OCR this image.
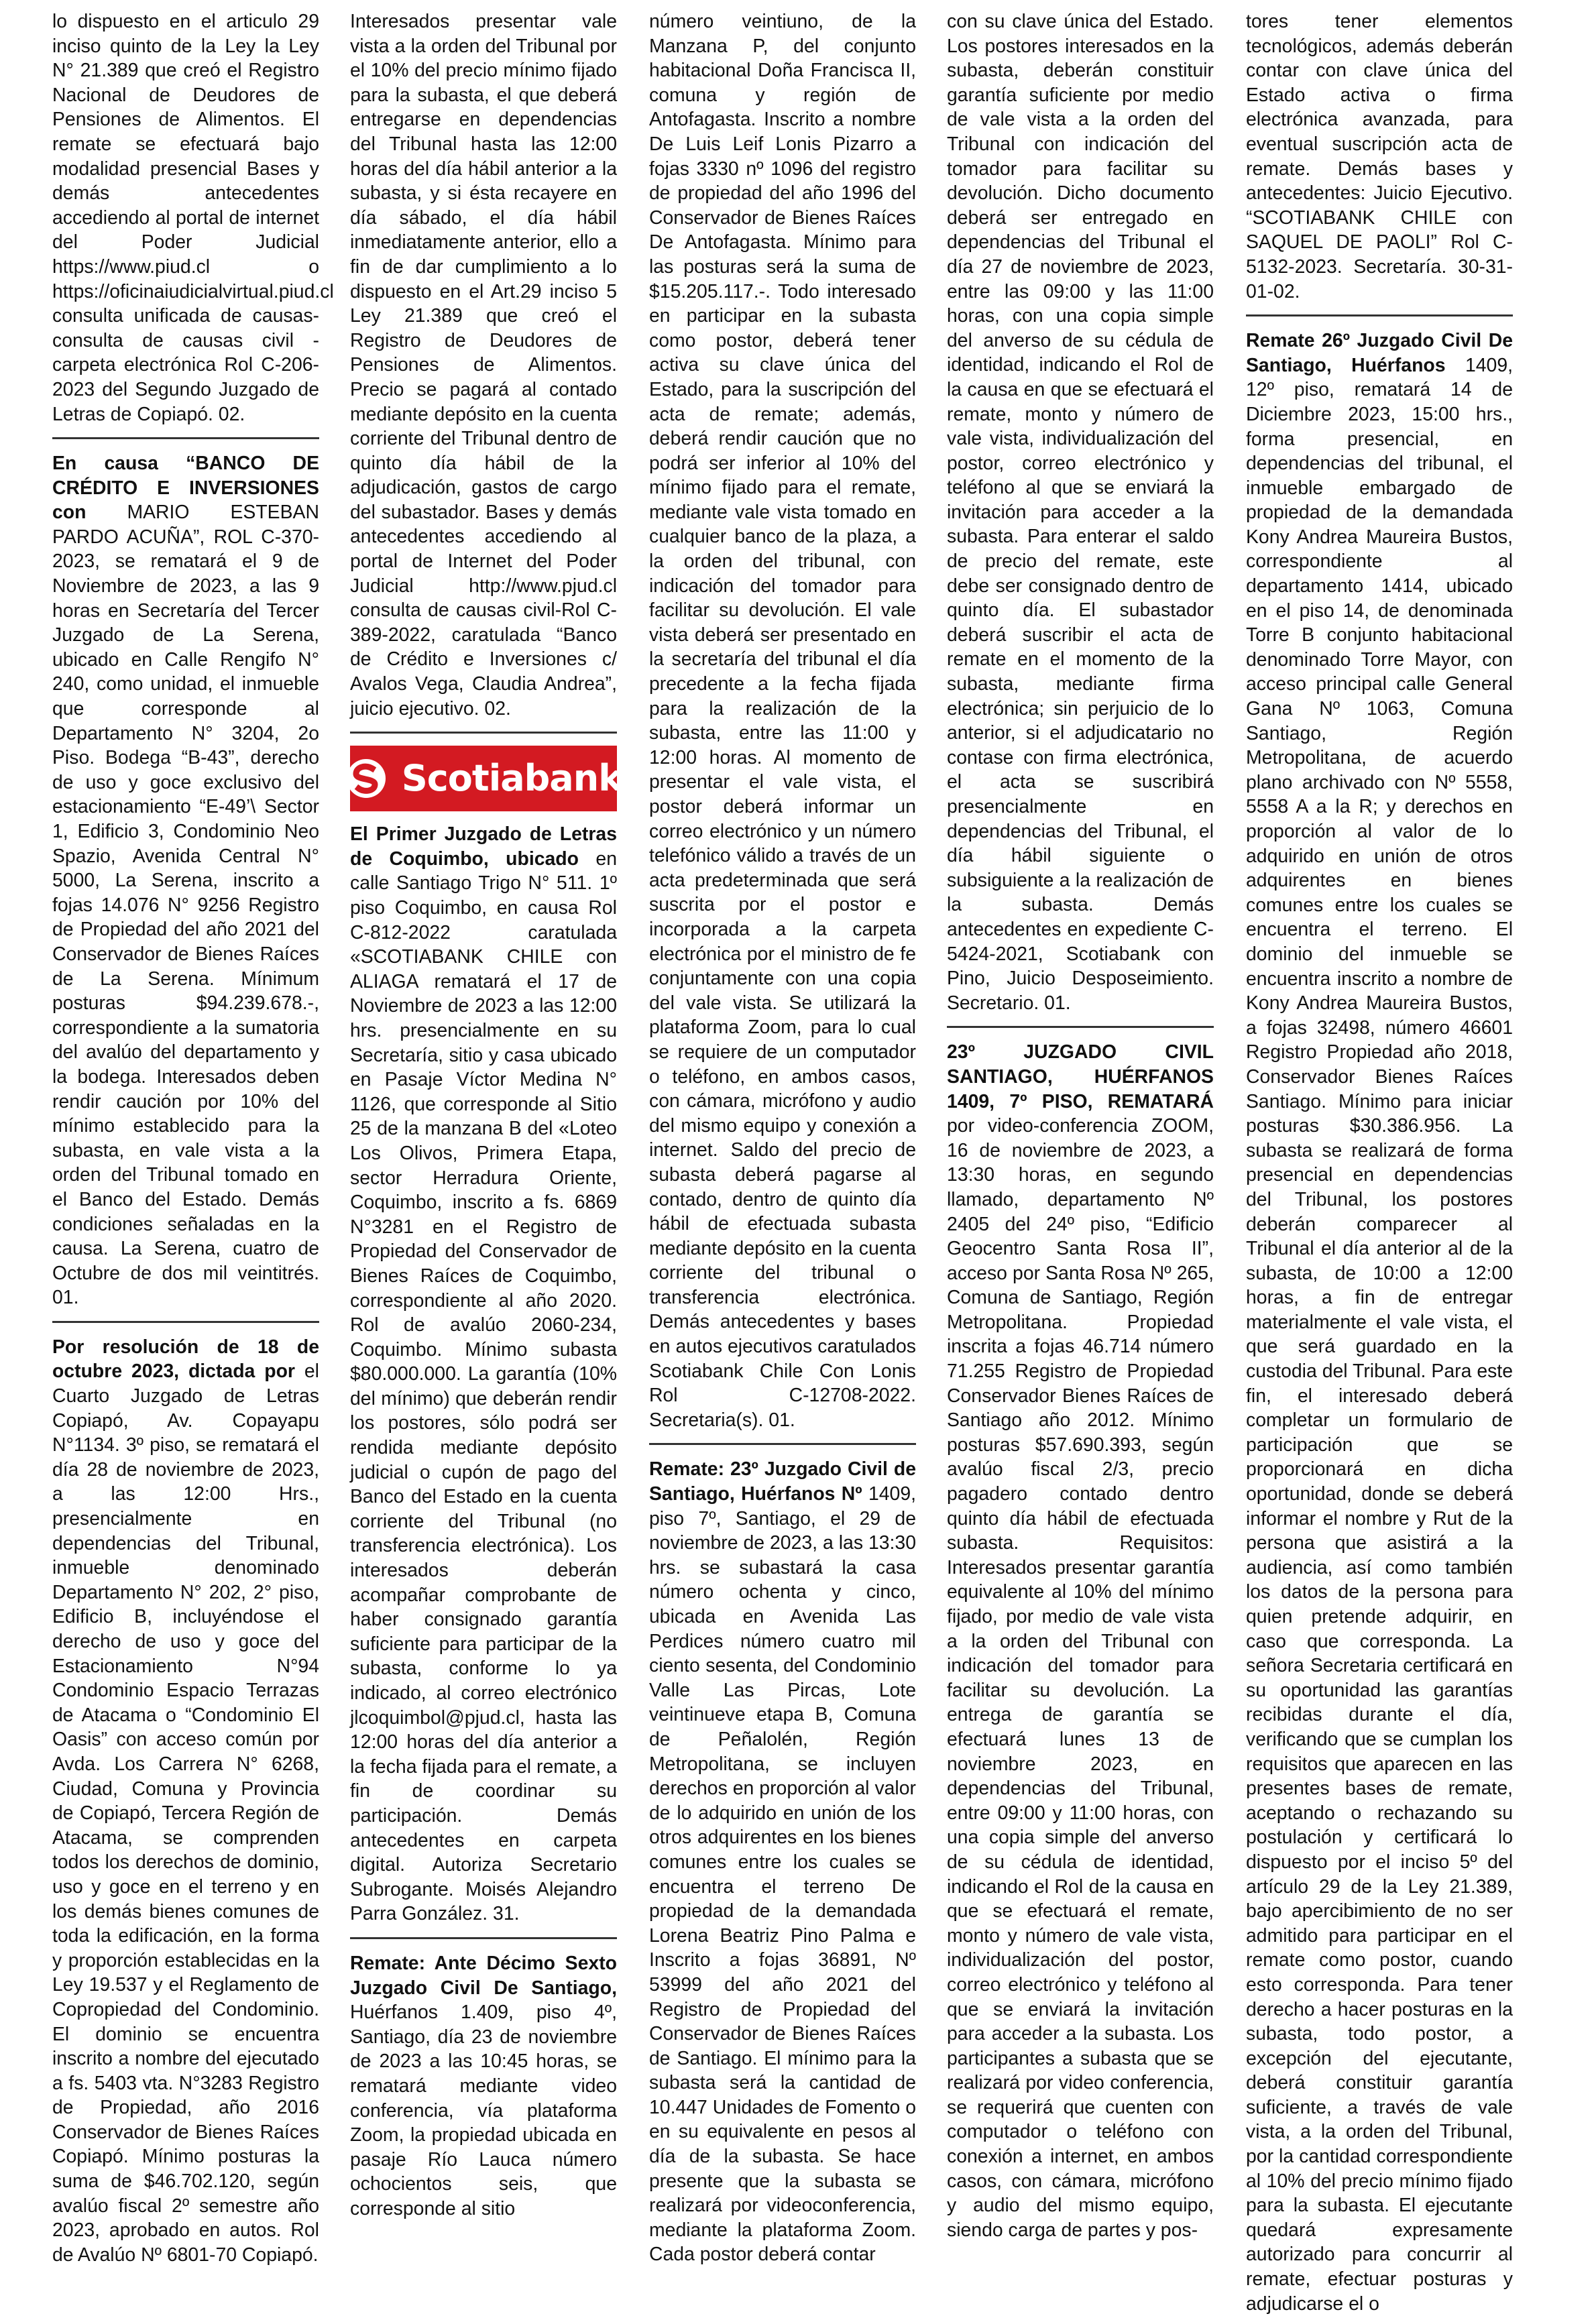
lo dispuesto en el articulo 29 inciso quinto de la Ley la Ley N° 21.389 que creó el Registro Nacional de Deudores de Pensiones de Alimentos. El remate se efectuará bajo modalidad presencial Bases y demás antecedentes accediendo al portal de internet del Poder Judicial https://www.piud.cl o https://oficinaiudicialvirtual.piud.cl consulta unificada de causas- consulta de causas civil - carpeta electrónica Rol C-206-2023 del Segundo Juzgado de Letras de Copiapó. 02.

En causa “BANCO DE CRÉDITO E INVERSIONES con MARIO ESTEBAN PARDO ACUÑA”, ROL C-370-2023, se rematará el 9 de Noviembre de 2023, a las 9 horas en Secretaría del Tercer Juzgado de La Serena, ubicado en Calle Rengifo N° 240, como unidad, el inmueble que corresponde al Departamento N° 3204, 2o Piso. Bodega “B-43”, derecho de uso y goce exclusivo del estacionamiento “E-49’\ Sector 1, Edificio 3, Condominio Neo Spazio, Avenida Central N° 5000, La Serena, inscrito a fojas 14.076 N° 9256 Registro de Propiedad del año 2021 del Conservador de Bienes Raíces de La Serena. Mínimum posturas $94.239.678.-, correspondiente a la sumatoria del avalúo del departamento y la bodega. Interesados deben rendir caución por 10% del mínimo establecido para la subasta, en vale vista a la orden del Tribunal tomado en el Banco del Estado. Demás condiciones señaladas en la causa. La Serena, cuatro de Octubre de dos mil veintitrés. 01.

Por resolución de 18 de octubre 2023, dictada por el Cuarto Juzgado de Letras Copiapó, Av. Copayapu N°1134. 3º piso, se rematará el día 28 de noviembre de 2023, a las 12:00 Hrs., presencialmente en dependencias del Tribunal, inmueble denominado Departamento N° 202, 2° piso, Edificio B, incluyéndose el derecho de uso y goce del Estacionamiento N°94 Condominio Espacio Terrazas de Atacama o “Condominio El Oasis” con acceso común por Avda. Los Carrera N° 6268, Ciudad, Comuna y Provincia de Copiapó, Tercera Región de Atacama, se comprenden todos los derechos de dominio, uso y goce en el terreno y en los demás bienes comunes de toda la edificación, en la forma y proporción establecidas en la Ley 19.537 y el Reglamento de Copropiedad del Condominio. El dominio se encuentra inscrito a nombre del ejecutado a fs. 5403 vta. N°3283 Registro de Propiedad, año 2016 Conservador de Bienes Raíces Copiapó. Mínimo posturas la suma de $46.702.120, según avalúo fiscal 2º semestre año 2023, aprobado en autos. Rol de Avalúo Nº 6801-70 Copiapó.

Interesados presentar vale vista a la orden del Tribunal por el 10% del precio mínimo fijado para la subasta, el que deberá entregarse en dependencias del Tribunal hasta las 12:00 horas del día hábil anterior a la subasta, y si ésta recayere en día sábado, el día hábil inmediatamente anterior, ello a fin de dar cumplimiento a lo dispuesto en el Art.29 inciso 5 Ley 21.389 que creó el Registro de Deudores de Pensiones de Alimentos. Precio se pagará al contado mediante depósito en la cuenta corriente del Tribunal dentro de quinto día hábil de la adjudicación, gastos de cargo del subastador. Bases y demás antecedentes accediendo al portal de Internet del Poder Judicial http://www.pjud.cl consulta de causas civil-Rol C-389-2022, caratulada “Banco de Crédito e Inversiones c/ Avalos Vega, Claudia Andrea”, juicio ejecutivo. 02.

Scotiabank

El Primer Juzgado de Letras de Coquimbo, ubicado en calle Santiago Trigo N° 511. 1º piso Coquimbo, en causa Rol C-812-2022 caratulada «SCOTIABANK CHILE con ALIAGA rematará el 17 de Noviembre de 2023 a las 12:00 hrs. presencialmente en su Secretaría, sitio y casa ubicado en Pasaje Víctor Medina N° 1126, que corresponde al Sitio 25 de la manzana B del «Loteo Los Olivos, Primera Etapa, sector Herradura Oriente, Coquimbo, inscrito a fs. 6869 N°3281 en el Registro de Propiedad del Conservador de Bienes Raíces de Coquimbo, correspondiente al año 2020. Rol de avalúo 2060-234, Coquimbo. Mínimo subasta $80.000.000. La garantía (10% del mínimo) que deberán rendir los postores, sólo podrá ser rendida mediante depósito judicial o cupón de pago del Banco del Estado en la cuenta corriente del Tribunal (no transferencia electrónica). Los interesados deberán acompañar comprobante de haber consignado garantía suficiente para participar de la subasta, conforme lo ya indicado, al correo electrónico jlcoquimbol@pjud.cl, hasta las 12:00 horas del día anterior a la fecha fijada para el remate, a fin de coordinar su participación. Demás antecedentes en carpeta digital. Autoriza Secretario Subrogante. Moisés Alejandro Parra González. 31.

Remate: Ante Décimo Sexto Juzgado Civil De Santiago, Huérfanos 1.409, piso 4º, Santiago, día 23 de noviembre de 2023 a las 10:45 horas, se rematará mediante video conferencia, vía plataforma Zoom, la propiedad ubicada en pasaje Río Lauca número ochocientos seis, que corresponde al sitio

número veintiuno, de la Manzana P, del conjunto habitacional Doña Francisca II, comuna y región de Antofagasta. Inscrito a nombre De Luis Leif Lonis Pizarro a fojas 3330 nº 1096 del registro de propiedad del año 1996 del Conservador de Bienes Raíces De Antofagasta. Mínimo para las posturas será la suma de $15.205.117.-. Todo interesado en participar en la subasta como postor, deberá tener activa su clave única del Estado, para la suscripción del acta de remate; además, deberá rendir caución que no podrá ser inferior al 10% del mínimo fijado para el remate, mediante vale vista tomado en cualquier banco de la plaza, a la orden del tribunal, con indicación del tomador para facilitar su devolución. El vale vista deberá ser presentado en la secretaría del tribunal el día precedente a la fecha fijada para la realización de la subasta, entre las 11:00 y 12:00 horas. Al momento de presentar el vale vista, el postor deberá informar un correo electrónico y un número telefónico válido a través de un acta predeterminada que será suscrita por el postor e incorporada a la carpeta electrónica por el ministro de fe conjuntamente con una copia del vale vista. Se utilizará la plataforma Zoom, para lo cual se requiere de un computador o teléfono, en ambos casos, con cámara, micrófono y audio del mismo equipo y conexión a internet. Saldo del precio de subasta deberá pagarse al contado, dentro de quinto día hábil de efectuada subasta mediante depósito en la cuenta corriente del tribunal o transferencia electrónica. Demás antecedentes y bases en autos ejecutivos caratulados Scotiabank Chile Con Lonis Rol C-12708-2022. Secretaria(s). 01.

Remate: 23º Juzgado Civil de Santiago, Huérfanos Nº 1409, piso 7º, Santiago, el 29 de noviembre de 2023, a las 13:30 hrs. se subastará la casa número ochenta y cinco, ubicada en Avenida Las Perdices número cuatro mil ciento sesenta, del Condominio Valle Las Pircas, Lote veintinueve etapa B, Comuna de Peñalolén, Región Metropolitana, se incluyen derechos en proporción al valor de lo adquirido en unión de los otros adquirentes en los bienes comunes entre los cuales se encuentra el terreno De propiedad de la demandada Lorena Beatriz Pino Palma e Inscrito a fojas 36891, Nº 53999 del año 2021 del Registro de Propiedad del Conservador de Bienes Raíces de Santiago. El mínimo para la subasta será la cantidad de 10.447 Unidades de Fomento o en su equivalente en pesos al día de la subasta. Se hace presente que la subasta se realizará por videoconferencia, mediante la plataforma Zoom. Cada postor deberá contar

con su clave única del Estado. Los postores interesados en la subasta, deberán constituir garantía suficiente por medio de vale vista a la orden del Tribunal con indicación del tomador para facilitar su devolución. Dicho documento deberá ser entregado en dependencias del Tribunal el día 27 de noviembre de 2023, entre las 09:00 y las 11:00 horas, con una copia simple del anverso de su cédula de identidad, indicando el Rol de la causa en que se efectuará el remate, monto y número de vale vista, individualización del postor, correo electrónico y teléfono al que se enviará la invitación para acceder a la subasta. Para enterar el saldo de precio del remate, este debe ser consignado dentro de quinto día. El subastador deberá suscribir el acta de remate en el momento de la subasta, mediante firma electrónica; sin perjuicio de lo anterior, si el adjudicatario no contase con firma electrónica, el acta se suscribirá presencialmente en dependencias del Tribunal, el día hábil siguiente o subsiguiente a la realización de la subasta. Demás antecedentes en expediente C-5424-2021, Scotiabank con Pino, Juicio Desposeimiento. Secretario. 01.

23º JUZGADO CIVIL SANTIAGO, HUÉRFANOS 1409, 7º PISO, REMATARÁ por video-conferencia ZOOM, 16 de noviembre de 2023, a 13:30 horas, en segundo llamado, departamento Nº 2405 del 24º piso, “Edificio Geocentro Santa Rosa II”, acceso por Santa Rosa Nº 265, Comuna de Santiago, Región Metropolitana. Propiedad inscrita a fojas 46.714 número 71.255 Registro de Propiedad Conservador Bienes Raíces de Santiago año 2012. Mínimo posturas $57.690.393, según avalúo fiscal 2/3, precio pagadero contado dentro quinto día hábil de efectuada subasta. Requisitos: Interesados presentar garantía equivalente al 10% del mínimo fijado, por medio de vale vista a la orden del Tribunal con indicación del tomador para facilitar su devolución. La entrega de garantía se efectuará lunes 13 de noviembre 2023, en dependencias del Tribunal, entre 09:00 y 11:00 horas, con una copia simple del anverso de su cédula de identidad, indicando el Rol de la causa en que se efectuará el remate, monto y número de vale vista, individualización del postor, correo electrónico y teléfono al que se enviará la invitación para acceder a la subasta. Los participantes a subasta que se realizará por video conferencia, se requerirá que cuenten con computador o teléfono con conexión a internet, en ambos casos, con cámara, micrófono y audio del mismo equipo, siendo carga de partes y pos-

tores tener elementos tecnológicos, además deberán contar con clave única del Estado activa o firma electrónica avanzada, para eventual suscripción acta de remate. Demás bases y antecedentes: Juicio Ejecutivo. “SCOTIABANK CHILE con SAQUEL DE PAOLI” Rol C-5132-2023. Secretaría. 30-31-01-02.

Remate 26º Juzgado Civil De Santiago, Huérfanos 1409, 12º piso, rematará 14 de Diciembre 2023, 15:00 hrs., forma presencial, en dependencias del tribunal, el inmueble embargado de propiedad de la demandada Kony Andrea Maureira Bustos, correspondiente al departamento 1414, ubicado en el piso 14, de denominada Torre B conjunto habitacional denominado Torre Mayor, con acceso principal calle General Gana Nº 1063, Comuna Santiago, Región Metropolitana, de acuerdo plano archivado con Nº 5558, 5558 A a la R; y derechos en proporción al valor de lo adquirido en unión de otros adquirentes en bienes comunes entre los cuales se encuentra el terreno. El dominio del inmueble se encuentra inscrito a nombre de Kony Andrea Maureira Bustos, a fojas 32498, número 46601 Registro Propiedad año 2018, Conservador Bienes Raíces Santiago. Mínimo para iniciar posturas $30.386.956. La subasta se realizará de forma presencial en dependencias del Tribunal, los postores deberán comparecer al Tribunal el día anterior al de la subasta, de 10:00 a 12:00 horas, a fin de entregar materialmente el vale vista, el que será guardado en la custodia del Tribunal. Para este fin, el interesado deberá completar un formulario de participación que se proporcionará en dicha oportunidad, donde se deberá informar el nombre y Rut de la persona que asistirá a la audiencia, así como también los datos de la persona para quien pretende adquirir, en caso que corresponda. La señora Secretaria certificará en su oportunidad las garantías recibidas durante el día, verificando que se cumplan los requisitos que aparecen en las presentes bases de remate, aceptando o rechazando su postulación y certificará lo dispuesto por el inciso 5º del artículo 29 de la Ley 21.389, bajo apercibimiento de no ser admitido para participar en el remate como postor, cuando esto corresponda. Para tener derecho a hacer posturas en la subasta, todo postor, a excepción del ejecutante, deberá constituir garantía suficiente, a través de vale vista, a la orden del Tribunal, por la cantidad correspondiente al 10% del precio mínimo fijado para la subasta. El ejecutante quedará expresamente autorizado para concurrir al remate, efectuar posturas y adjudicarse el o
